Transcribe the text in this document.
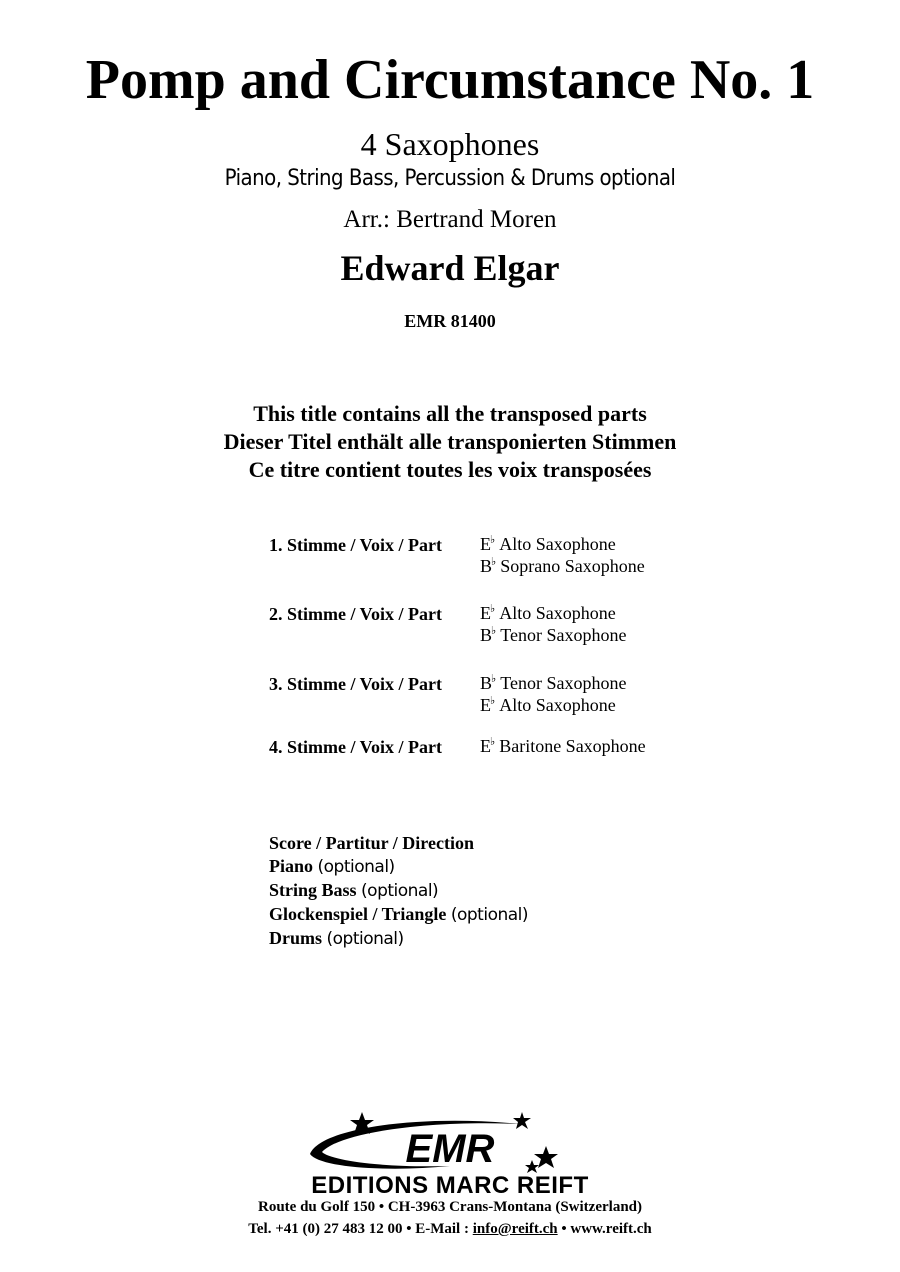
Pomp and Circumstance No. 1
4 Saxophones
Piano, String Bass, Percussion & Drums optional
Arr.: Bertrand Moren
Edward Elgar
EMR 81400
This title contains all the transposed parts
Dieser Titel enthält alle transponierten Stimmen
Ce titre contient toutes les voix transposées
1. Stimme / Voix / Part E♭ Alto Saxophone
B♭ Soprano Saxophone
2. Stimme / Voix / Part E♭ Alto Saxophone
B♭ Tenor Saxophone
3. Stimme / Voix / Part B♭ Tenor Saxophone
E♭ Alto Saxophone
4. Stimme / Voix / Part E♭ Baritone Saxophone
Score / Partitur / Direction
Piano (optional)
String Bass (optional)
Glockenspiel / Triangle (optional)
Drums (optional)
EMR
EDITIONS MARC REIFT
Route du Golf 150 • CH-3963 Crans-Montana (Switzerland)
Tel. +41 (0) 27 483 12 00 • E-Mail : info@reift.ch • www.reift.ch
